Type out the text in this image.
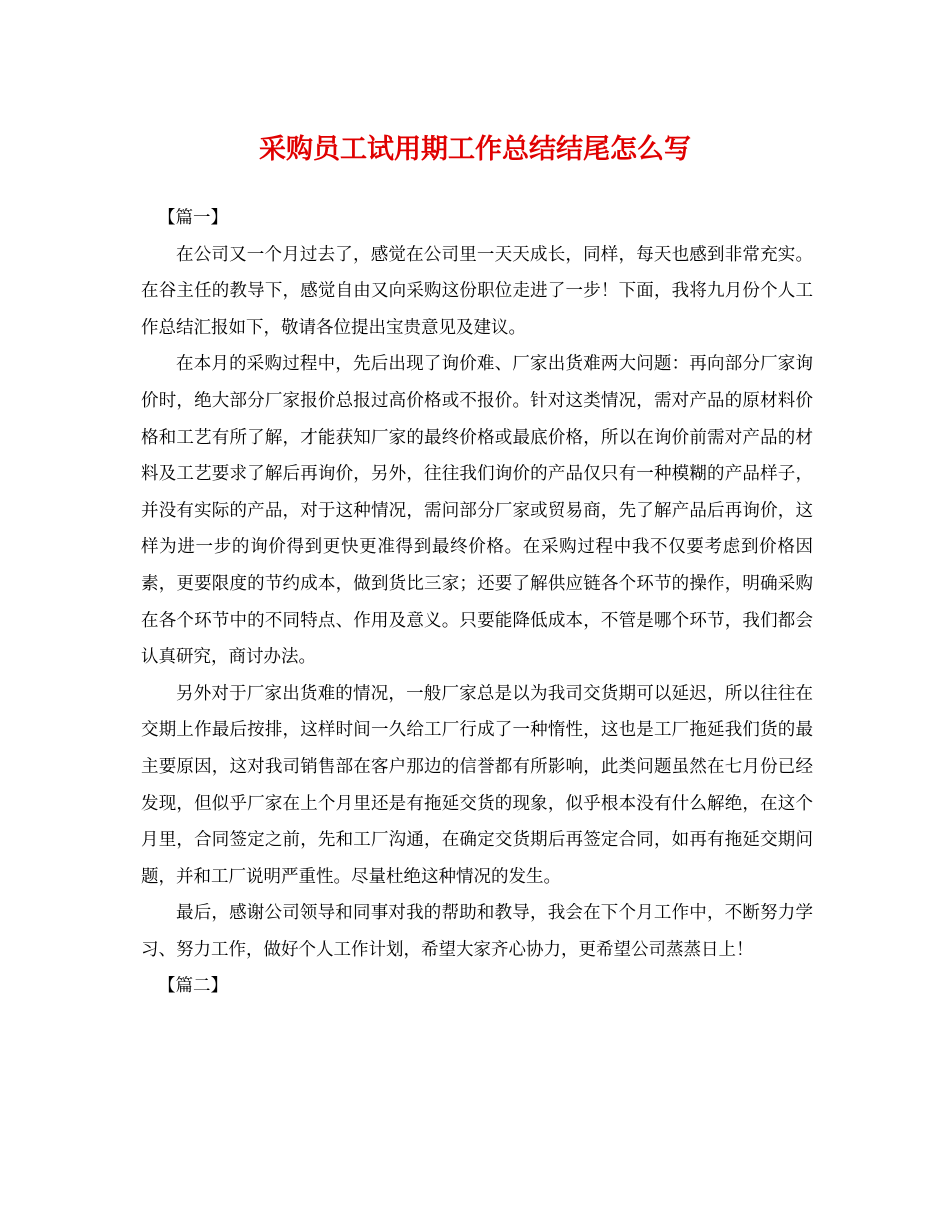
采购员工试用期工作总结结尾怎么写

【篇一】

在公司又一个月过去了，感觉在公司里一天天成长，同样，每天也感到非常充实。在谷主任的教导下，感觉自由又向采购这份职位走进了一步！下面，我将九月份个人工作总结汇报如下，敬请各位提出宝贵意见及建议。

在本月的采购过程中，先后出现了询价难、厂家出货难两大问题：再向部分厂家询价时，绝大部分厂家报价总报过高价格或不报价。针对这类情况，需对产品的原材料价格和工艺有所了解，才能获知厂家的最终价格或最底价格，所以在询价前需对产品的材料及工艺要求了解后再询价，另外，往往我们询价的产品仅只有一种模糊的产品样子，并没有实际的产品，对于这种情况，需问部分厂家或贸易商，先了解产品后再询价，这样为进一步的询价得到更快更准得到最终价格。在采购过程中我不仅要考虑到价格因素，更要限度的节约成本，做到货比三家；还要了解供应链各个环节的操作，明确采购在各个环节中的不同特点、作用及意义。只要能降低成本，不管是哪个环节，我们都会认真研究，商讨办法。

另外对于厂家出货难的情况，一般厂家总是以为我司交货期可以延迟，所以往往在交期上作最后按排，这样时间一久给工厂行成了一种惰性，这也是工厂拖延我们货的最主要原因，这对我司销售部在客户那边的信誉都有所影响，此类问题虽然在七月份已经发现，但似乎厂家在上个月里还是有拖延交货的现象，似乎根本没有什么解绝，在这个月里，合同签定之前，先和工厂沟通，在确定交货期后再签定合同，如再有拖延交期问题，并和工厂说明严重性。尽量杜绝这种情况的发生。

最后，感谢公司领导和同事对我的帮助和教导，我会在下个月工作中，不断努力学习、努力工作，做好个人工作计划，希望大家齐心协力，更希望公司蒸蒸日上！

【篇二】
